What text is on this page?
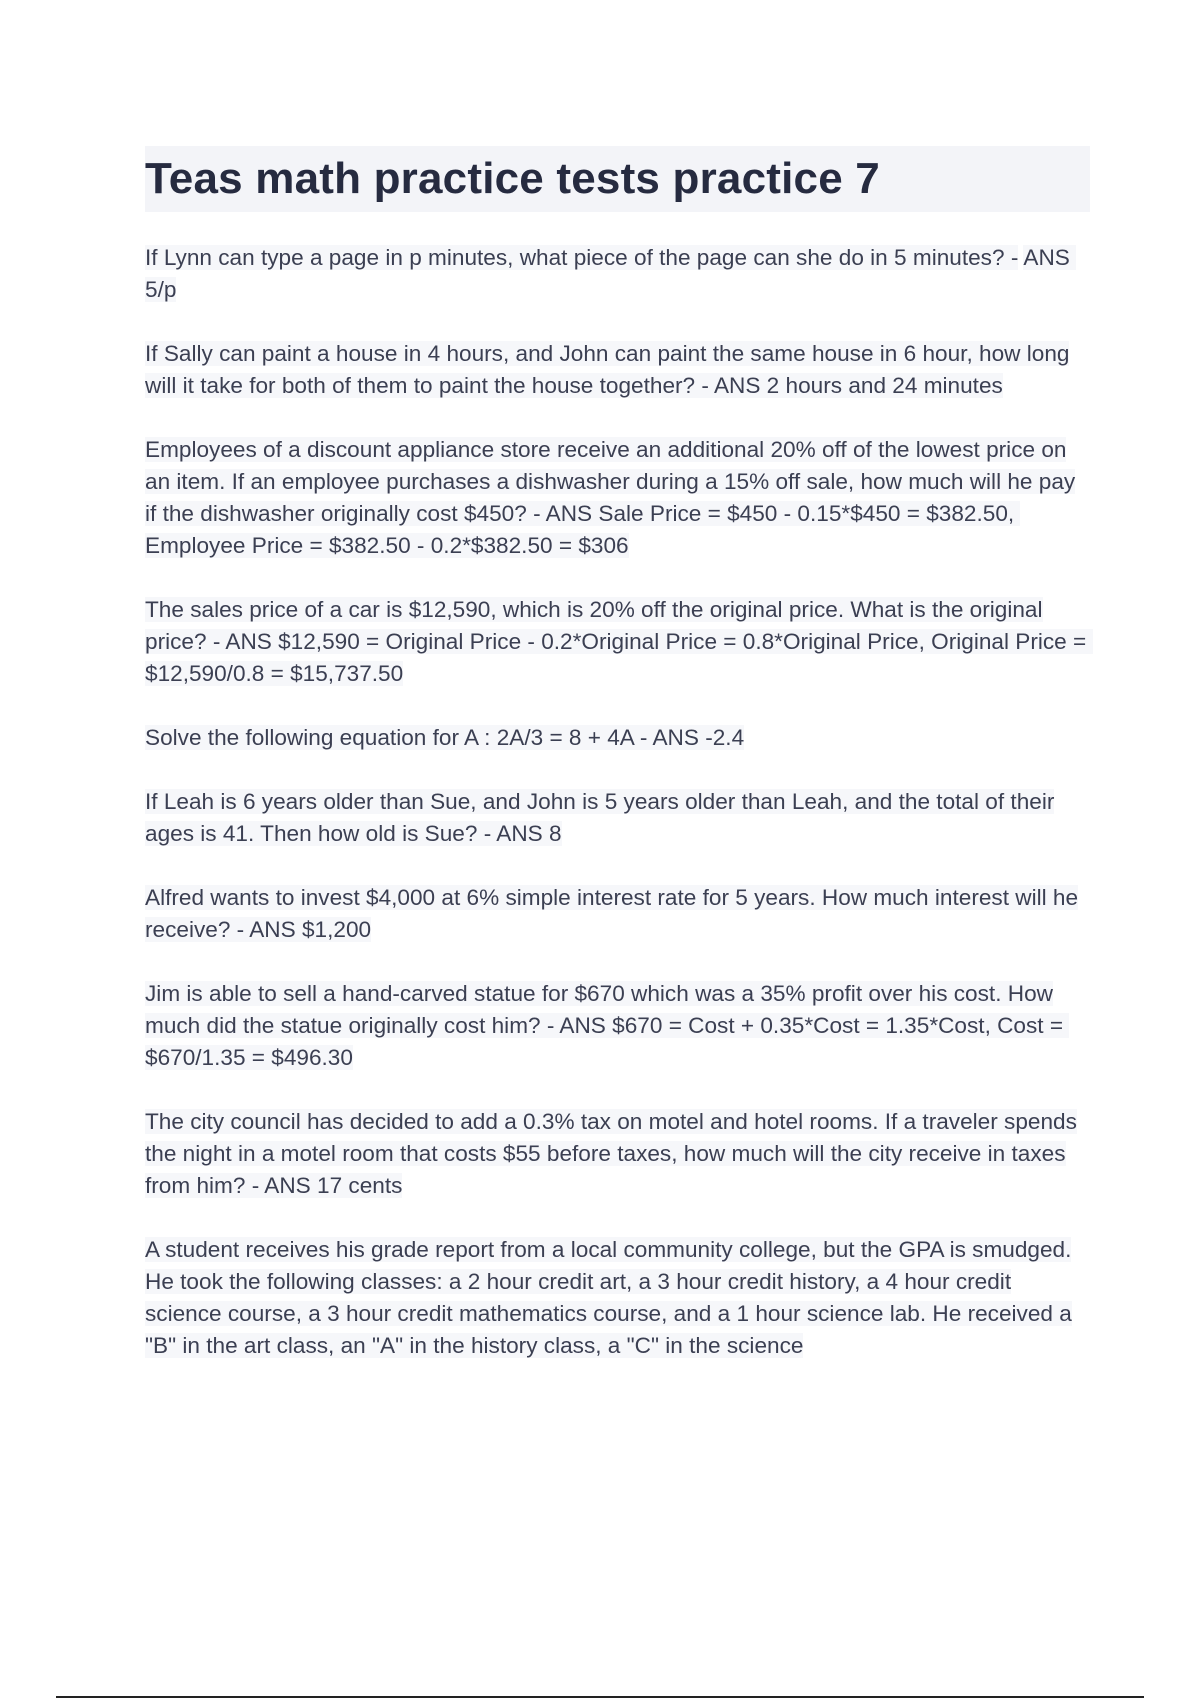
Teas math practice tests practice 7

If Lynn can type a page in p minutes, what piece of the page can she do in 5 minutes? - ANS 5/p

If Sally can paint a house in 4 hours, and John can paint the same house in 6 hour, how long will it take for both of them to paint the house together? - ANS 2 hours and 24 minutes

Employees of a discount appliance store receive an additional 20% off of the lowest price on an item. If an employee purchases a dishwasher during a 15% off sale, how much will he pay if the dishwasher originally cost $450? - ANS Sale Price = $450 - 0.15*$450 = $382.50, Employee Price = $382.50 - 0.2*$382.50 = $306

The sales price of a car is $12,590, which is 20% off the original price. What is the original price? - ANS $12,590 = Original Price - 0.2*Original Price = 0.8*Original Price, Original Price = $12,590/0.8 = $15,737.50

Solve the following equation for A : 2A/3 = 8 + 4A - ANS -2.4

If Leah is 6 years older than Sue, and John is 5 years older than Leah, and the total of their ages is 41. Then how old is Sue? - ANS 8

Alfred wants to invest $4,000 at 6% simple interest rate for 5 years. How much interest will he receive? - ANS $1,200

Jim is able to sell a hand-carved statue for $670 which was a 35% profit over his cost. How much did the statue originally cost him? - ANS $670 = Cost + 0.35*Cost = 1.35*Cost, Cost = $670/1.35 = $496.30

The city council has decided to add a 0.3% tax on motel and hotel rooms. If a traveler spends the night in a motel room that costs $55 before taxes, how much will the city receive in taxes from him? - ANS 17 cents

A student receives his grade report from a local community college, but the GPA is smudged. He took the following classes: a 2 hour credit art, a 3 hour credit history, a 4 hour credit science course, a 3 hour credit mathematics course, and a 1 hour science lab. He received a "B" in the art class, an "A" in the history class, a "C" in the science
